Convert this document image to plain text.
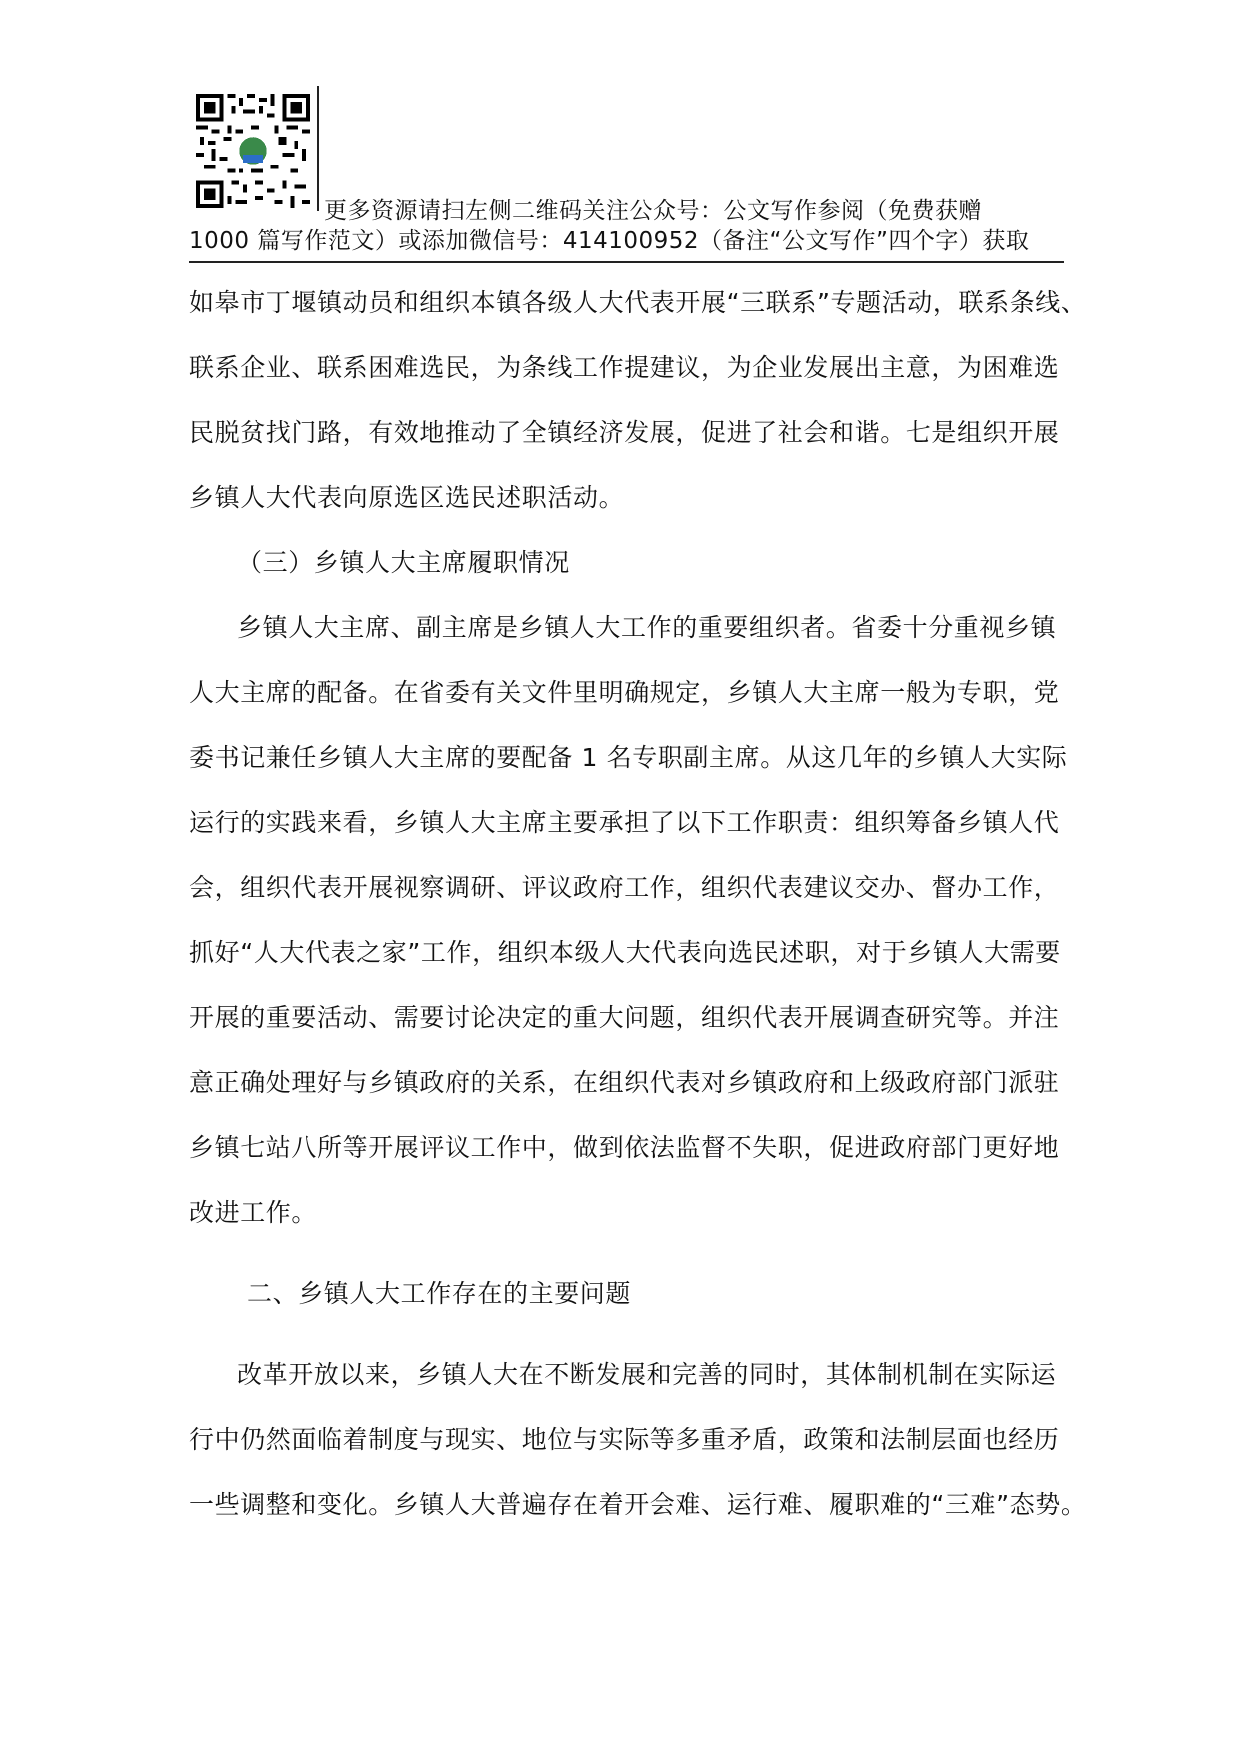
更多资源请扫左侧二维码关注公众号：公文写作参阅（免费获赠
1000 篇写作范文）或添加微信号：414100952（备注“公文写作”四个字）获取
如皋市丁堰镇动员和组织本镇各级人大代表开展“三联系”专题活动，联系条线、
联系企业、联系困难选民，为条线工作提建议，为企业发展出主意，为困难选
民脱贫找门路，有效地推动了全镇经济发展，促进了社会和谐。七是组织开展
乡镇人大代表向原选区选民述职活动。
（三）乡镇人大主席履职情况
乡镇人大主席、副主席是乡镇人大工作的重要组织者。省委十分重视乡镇
人大主席的配备。在省委有关文件里明确规定，乡镇人大主席一般为专职，党
委书记兼任乡镇人大主席的要配备 1 名专职副主席。从这几年的乡镇人大实际
运行的实践来看，乡镇人大主席主要承担了以下工作职责：组织筹备乡镇人代
会，组织代表开展视察调研、评议政府工作，组织代表建议交办、督办工作，
抓好“人大代表之家”工作，组织本级人大代表向选民述职，对于乡镇人大需要
开展的重要活动、需要讨论决定的重大问题，组织代表开展调查研究等。并注
意正确处理好与乡镇政府的关系，在组织代表对乡镇政府和上级政府部门派驻
乡镇七站八所等开展评议工作中，做到依法监督不失职，促进政府部门更好地
改进工作。
二、乡镇人大工作存在的主要问题
改革开放以来，乡镇人大在不断发展和完善的同时，其体制机制在实际运
行中仍然面临着制度与现实、地位与实际等多重矛盾，政策和法制层面也经历
一些调整和变化。乡镇人大普遍存在着开会难、运行难、履职难的“三难”态势。
